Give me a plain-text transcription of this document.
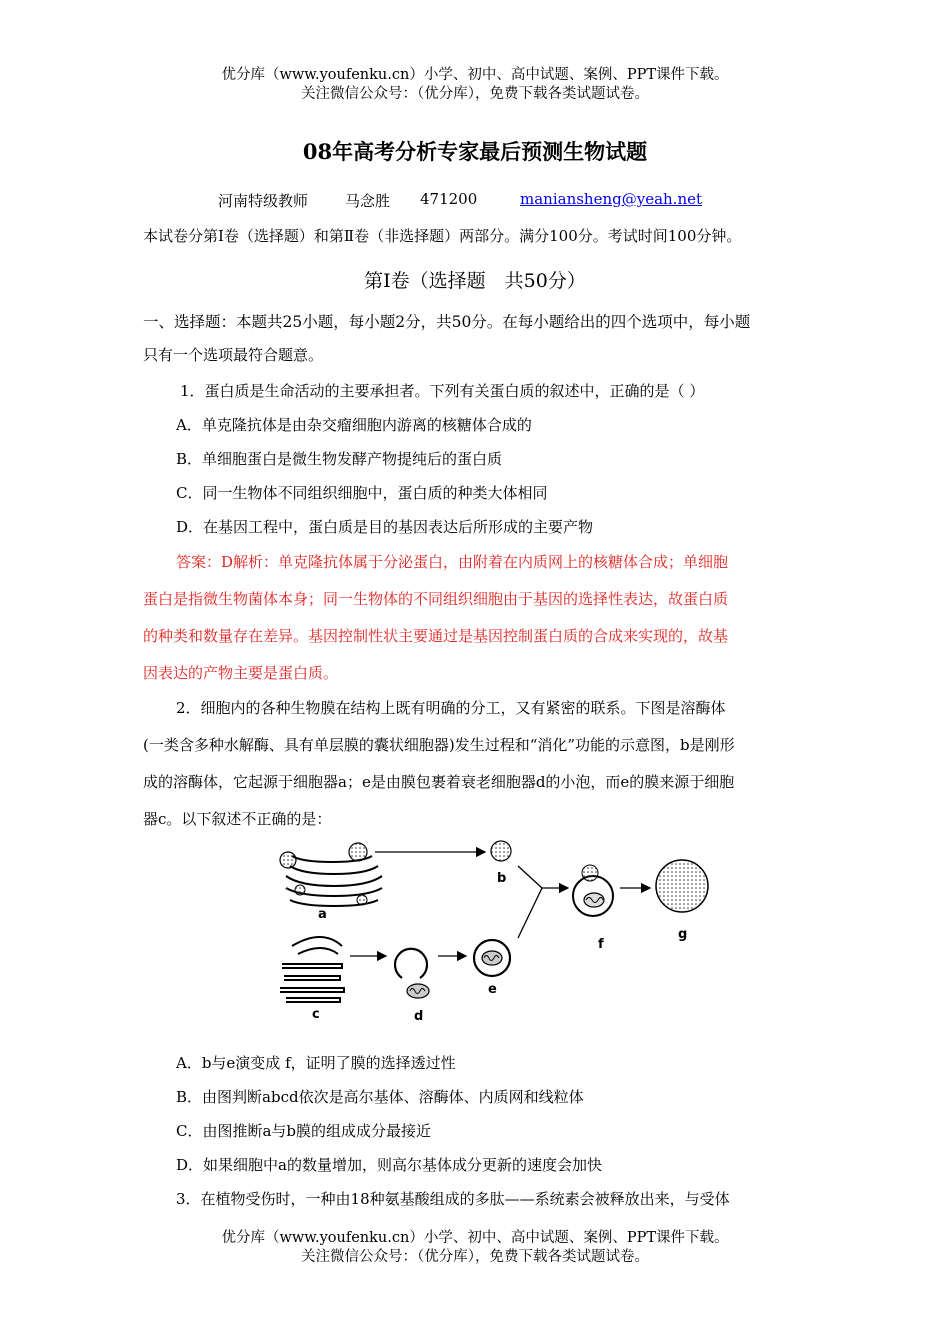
优分库（www.youfenku.cn）小学、初中、高中试题、案例、PPT课件下载。
关注微信公众号：（优分库），免费下载各类试题试卷。
08年高考分析专家最后预测生物试题
河南特级教师 马念胜 471200	maniansheng@yeah.net
本试卷分第Ⅰ卷（选择题）和第Ⅱ卷（非选择题）两部分。满分100分。考试时间100分钟。
第Ⅰ卷（选择题　共50分）
一、选择题：本题共25小题，每小题2分，共50分。在每小题给出的四个选项中，每小题
只有一个选项最符合题意。
1．蛋白质是生命活动的主要承担者。下列有关蛋白质的叙述中，正确的是（ ）
A．单克隆抗体是由杂交瘤细胞内游离的核糖体合成的
B．单细胞蛋白是微生物发酵产物提纯后的蛋白质
C．同一生物体不同组织细胞中，蛋白质的种类大体相同
D．在基因工程中，蛋白质是目的基因表达后所形成的主要产物
答案：D解析：单克隆抗体属于分泌蛋白，由附着在内质网上的核糖体合成；单细胞
蛋白是指微生物菌体本身；同一生物体的不同组织细胞由于基因的选择性表达，故蛋白质
的种类和数量存在差异。基因控制性状主要通过是基因控制蛋白质的合成来实现的，故基
因表达的产物主要是蛋白质。
2．细胞内的各种生物膜在结构上既有明确的分工，又有紧密的联系。下图是溶酶体
(一类含多种水解酶、具有单层膜的囊状细胞器)发生过程和“消化”功能的示意图，b是刚形
成的溶酶体，它起源于细胞器a；e是由膜包裹着衰老细胞器d的小泡，而e的膜来源于细胞
器c。以下叙述不正确的是：
a
b
f
g
c	d
e
A．b与e演变成 f，证明了膜的选择透过性
B．由图判断abcd依次是高尔基体、溶酶体、内质网和线粒体
C．由图推断a与b膜的组成成分最接近
D．如果细胞中a的数量增加，则高尔基体成分更新的速度会加快
3．在植物受伤时，一种由18种氨基酸组成的多肽——系统素会被释放出来，与受体
优分库（www.youfenku.cn）小学、初中、高中试题、案例、PPT课件下载。
关注微信公众号：（优分库），免费下载各类试题试卷。
